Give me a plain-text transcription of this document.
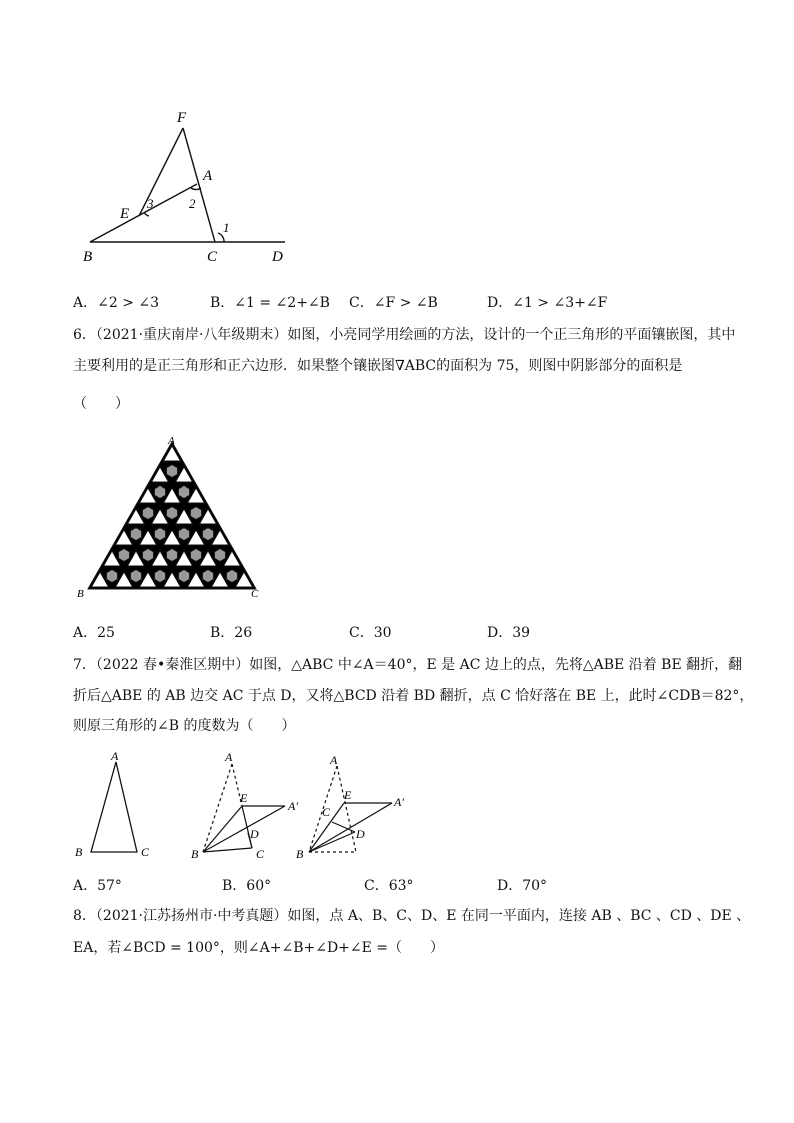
F
A
E
B	C	D
1
2
3
A．∠2 > ∠3	B．∠1 = ∠2+∠B C．∠F > ∠B	D．∠1 > ∠3+∠F
6．（2021·重庆南岸·八年级期末）如图，小亮同学用绘画的方法，设计的一个正三角形的平面镶嵌图，其中
主要利用的是正三角形和正六边形．如果整个镶嵌图∇ABC的面积为 75，则图中阴影部分的面积是
（　　）
A
B	C
A．25	B．26	C．30	D．39
7．（2022 春•秦淮区期中）如图，△ABC 中∠A＝40°，E 是 AC 边上的点，先将△ABE 沿着 BE 翻折，翻
折后△ABE 的 AB 边交 AC 于点 D，又将△BCD 沿着 BD 翻折，点 C 恰好落在 BE 上，此时∠CDB＝82°，
则原三角形的∠B 的度数为（　　）
A
B	C
A
E
A′
D
B	C
A
E	A′
C
D
B
A．57°	B．60°	C．63°	D．70°
8．（2021·江苏扬州市·中考真题）如图，点 A、B、C、D、E 在同一平面内，连接 AB 、BC 、CD 、DE 、
EA，若∠BCD = 100°，则∠A+∠B+∠D+∠E =（　　）
